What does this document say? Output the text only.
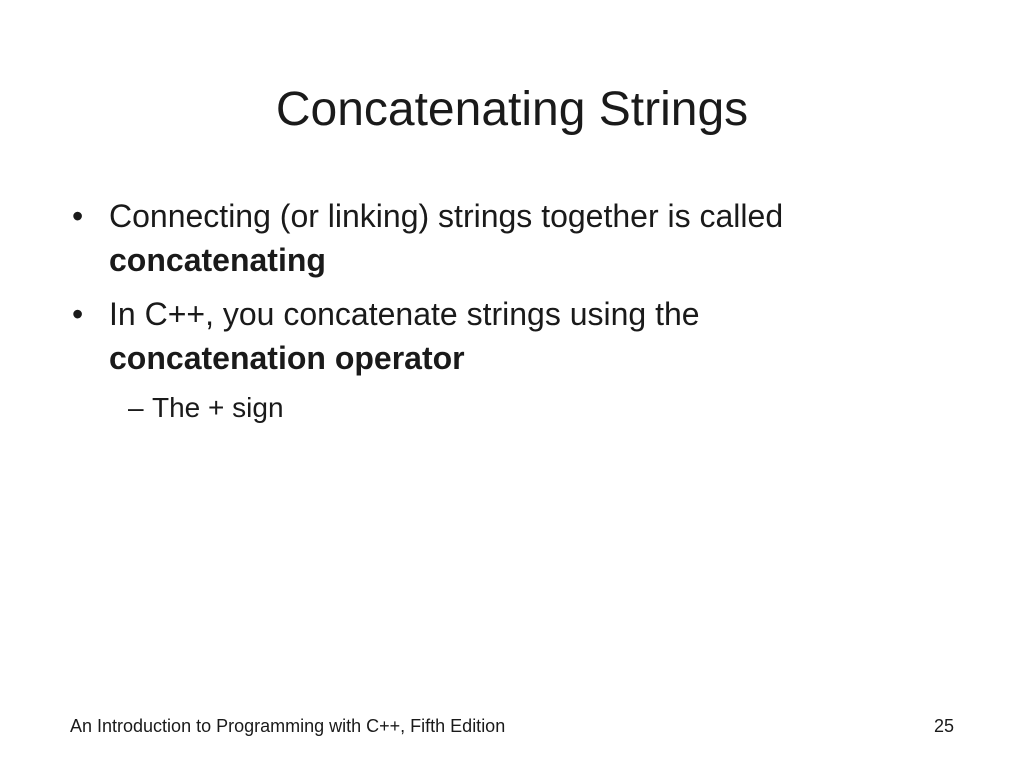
Concatenating Strings
• Connecting (or linking) strings together is called
concatenating
• In C++, you concatenate strings using the
concatenation operator
– The + sign
An Introduction to Programming with C++, Fifth Edition	25
